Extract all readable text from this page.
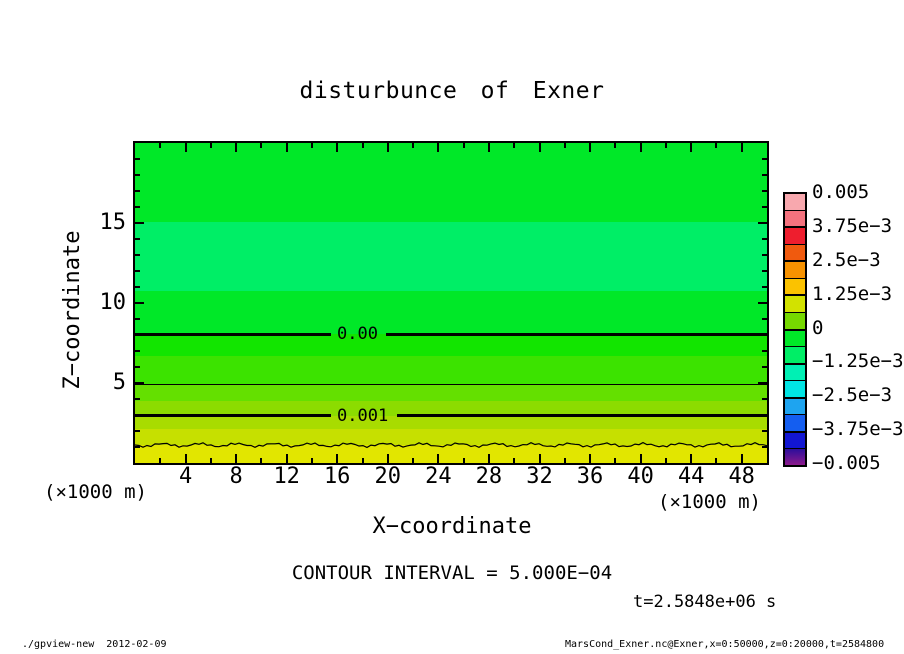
disturbunce of Exner
0.00
0.001
Z−coordinate
X−coordinate
(×1000 m)	(×1000 m)
CONTOUR INTERVAL = 5.000E−04
t=2.5848e+06 s
./gpview-new  2012-02-09	MarsCond_Exner.nc@Exner,x=0:50000,z=0:20000,t=2584800
4	8	12	16	20	24	28	32	36	40	44	48
5
10
15
0.005
3.75e−3
2.5e−3
1.25e−3
0
−1.25e−3
−2.5e−3
−3.75e−3
−0.005
